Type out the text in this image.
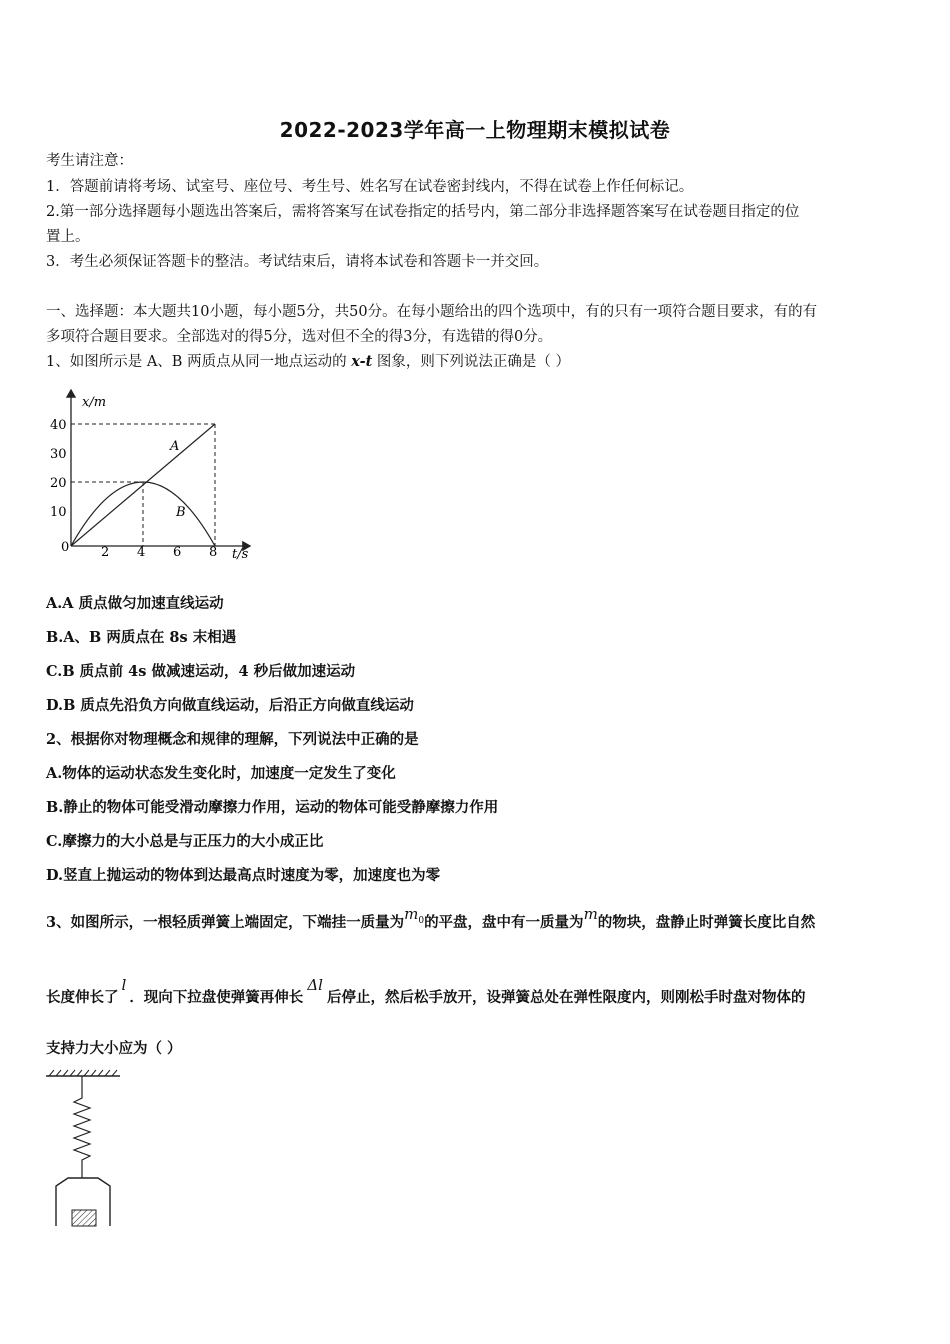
2022-2023学年高一上物理期末模拟试卷
考生请注意：
1．答题前请将考场、试室号、座位号、考生号、姓名写在试卷密封线内，不得在试卷上作任何标记。
2.第一部分选择题每小题选出答案后，需将答案写在试卷指定的括号内，第二部分非选择题答案写在试卷题目指定的位
置上。
3．考生必须保证答题卡的整洁。考试结束后，请将本试卷和答题卡一并交回。
一、选择题：本大题共10小题，每小题5分，共50分。在每小题给出的四个选项中，有的只有一项符合题目要求，有的有
多项符合题目要求。全部选对的得5分，选对但不全的得3分，有选错的得0分。
1、如图所示是 A、B 两质点从同一地点运动的 x-t 图象，则下列说法正确是（ ）
x/m
t/s
40
30
20
10
0 2 4 6 8
A
B
A.A 质点做匀加速直线运动
B.A、B 两质点在 8s 末相遇
C.B 质点前 4s 做减速运动，4 秒后做加速运动
D.B 质点先沿负方向做直线运动，后沿正方向做直线运动
2、根据你对物理概念和规律的理解，下列说法中正确的是
A.物体的运动状态发生变化时，加速度一定发生了变化
B.静止的物体可能受滑动摩擦力作用，运动的物体可能受静摩擦力作用
C.摩擦力的大小总是与正压力的大小成正比
D.竖直上抛运动的物体到达最高点时速度为零，加速度也为零
3、如图所示，一根轻质弹簧上端固定，下端挂一质量为$m_0$的平盘，盘中有一质量为m的物块，盘静止时弹簧长度比自然
长度伸长了l．现向下拉盘使弹簧再伸长Δl后停止，然后松手放开，设弹簧总处在弹性限度内，则刚松手时盘对物体的
支持力大小应为（ ）
